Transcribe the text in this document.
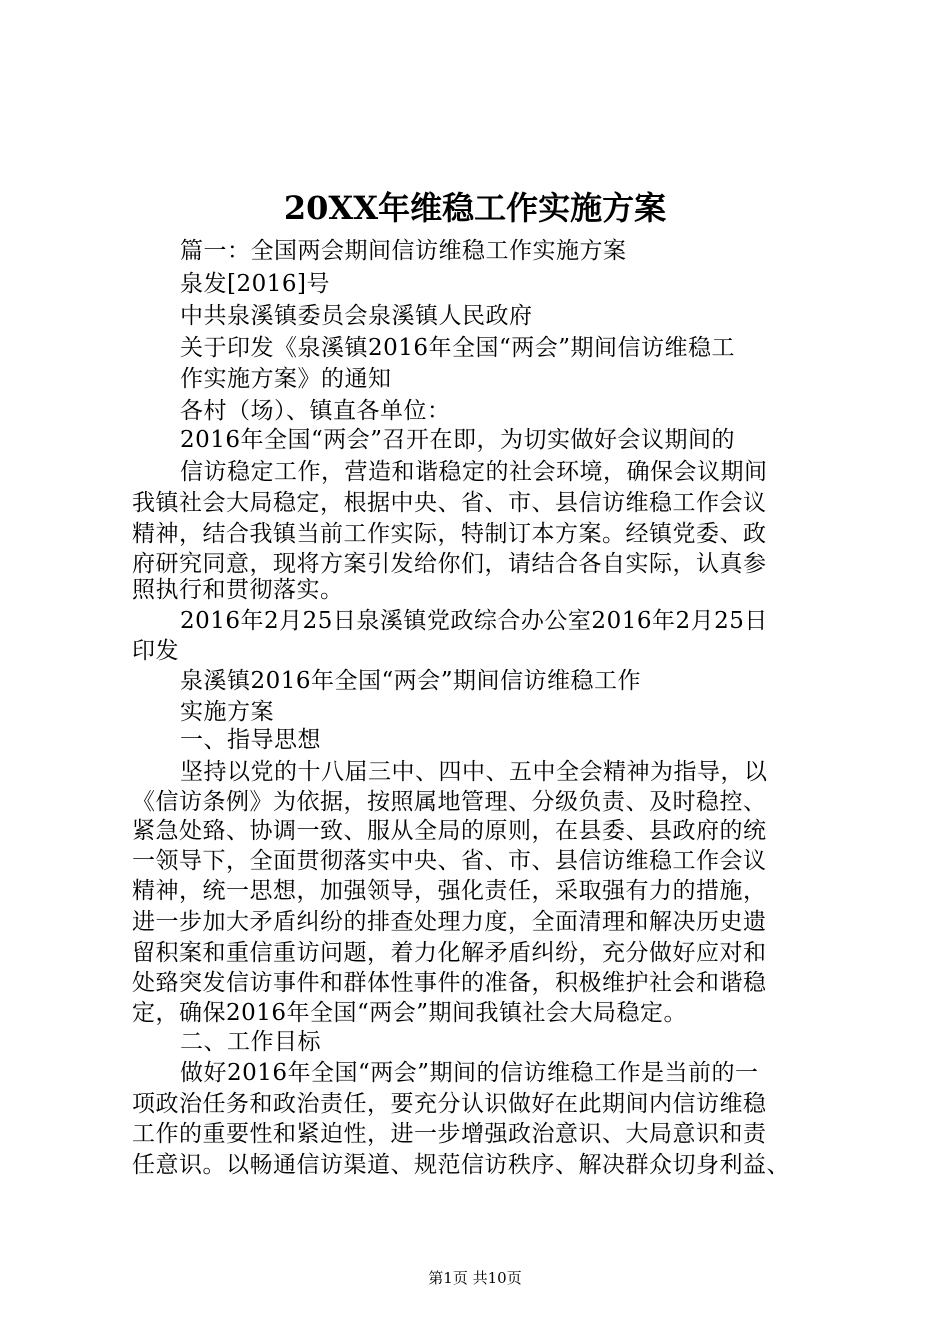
20XX年维稳工作实施方案
篇一：全国两会期间信访维稳工作实施方案
泉发[2016]号
中共泉溪镇委员会泉溪镇人民政府
关于印发《泉溪镇2016年全国“两会”期间信访维稳工
作实施方案》的通知
各村（场）、镇直各单位：
2016年全国“两会”召开在即，为切实做好会议期间的
信访稳定工作，营造和谐稳定的社会环境，确保会议期间
我镇社会大局稳定，根据中央、省、市、县信访维稳工作会议
精神，结合我镇当前工作实际，特制订本方案。经镇党委、政
府研究同意，现将方案引发给你们，请结合各自实际，认真参
照执行和贯彻落实。
2016年2月25日泉溪镇党政综合办公室2016年2月25日
印发
泉溪镇2016年全国“两会”期间信访维稳工作
实施方案
一、指导思想
坚持以党的十八届三中、四中、五中全会精神为指导，以
《信访条例》为依据，按照属地管理、分级负责、及时稳控、
紧急处臵、协调一致、服从全局的原则，在县委、县政府的统
一领导下，全面贯彻落实中央、省、市、县信访维稳工作会议
精神，统一思想，加强领导，强化责任，采取强有力的措施，
进一步加大矛盾纠纷的排查处理力度，全面清理和解决历史遗
留积案和重信重访问题，着力化解矛盾纠纷，充分做好应对和
处臵突发信访事件和群体性事件的准备，积极维护社会和谐稳
定，确保2016年全国“两会”期间我镇社会大局稳定。
二、工作目标
做好2016年全国“两会”期间的信访维稳工作是当前的一
项政治任务和政治责任，要充分认识做好在此期间内信访维稳
工作的重要性和紧迫性，进一步增强政治意识、大局意识和责
任意识。以畅通信访渠道、规范信访秩序、解决群众切身利益、
第1页 共10页
